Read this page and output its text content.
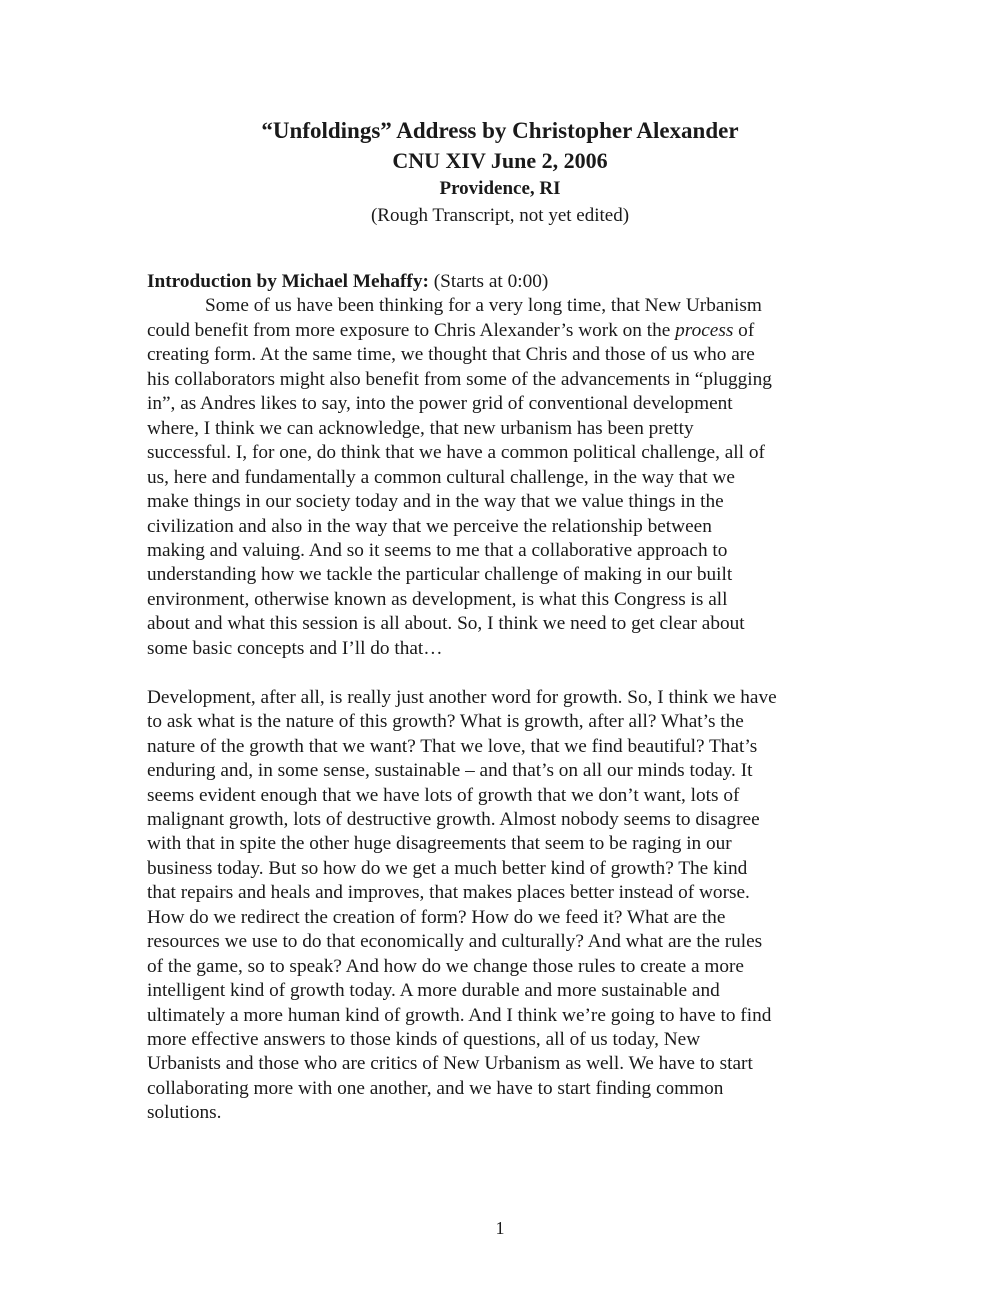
“Unfoldings” Address by Christopher Alexander
CNU XIV June 2, 2006
Providence, RI
(Rough Transcript, not yet edited)

Introduction by Michael Mehaffy: (Starts at 0:00)

Some of us have been thinking for a very long time, that New Urbanism
could benefit from more exposure to Chris Alexander’s work on the process of
creating form. At the same time, we thought that Chris and those of us who are
his collaborators might also benefit from some of the advancements in “plugging
in”, as Andres likes to say, into the power grid of conventional development
where, I think we can acknowledge, that new urbanism has been pretty
successful. I, for one, do think that we have a common political challenge, all of
us, here and fundamentally a common cultural challenge, in the way that we
make things in our society today and in the way that we value things in the
civilization and also in the way that we perceive the relationship between
making and valuing. And so it seems to me that a collaborative approach to
understanding how we tackle the particular challenge of making in our built
environment, otherwise known as development, is what this Congress is all
about and what this session is all about. So, I think we need to get clear about
some basic concepts and I’ll do that…

Development, after all, is really just another word for growth. So, I think we have
to ask what is the nature of this growth? What is growth, after all? What’s the
nature of the growth that we want? That we love, that we find beautiful? That’s
enduring and, in some sense, sustainable – and that’s on all our minds today. It
seems evident enough that we have lots of growth that we don’t want, lots of
malignant growth, lots of destructive growth. Almost nobody seems to disagree
with that in spite the other huge disagreements that seem to be raging in our
business today. But so how do we get a much better kind of growth? The kind
that repairs and heals and improves, that makes places better instead of worse.
How do we redirect the creation of form? How do we feed it? What are the
resources we use to do that economically and culturally? And what are the rules
of the game, so to speak? And how do we change those rules to create a more
intelligent kind of growth today. A more durable and more sustainable and
ultimately a more human kind of growth. And I think we’re going to have to find
more effective answers to those kinds of questions, all of us today, New
Urbanists and those who are critics of New Urbanism as well. We have to start
collaborating more with one another, and we have to start finding common
solutions.

1
